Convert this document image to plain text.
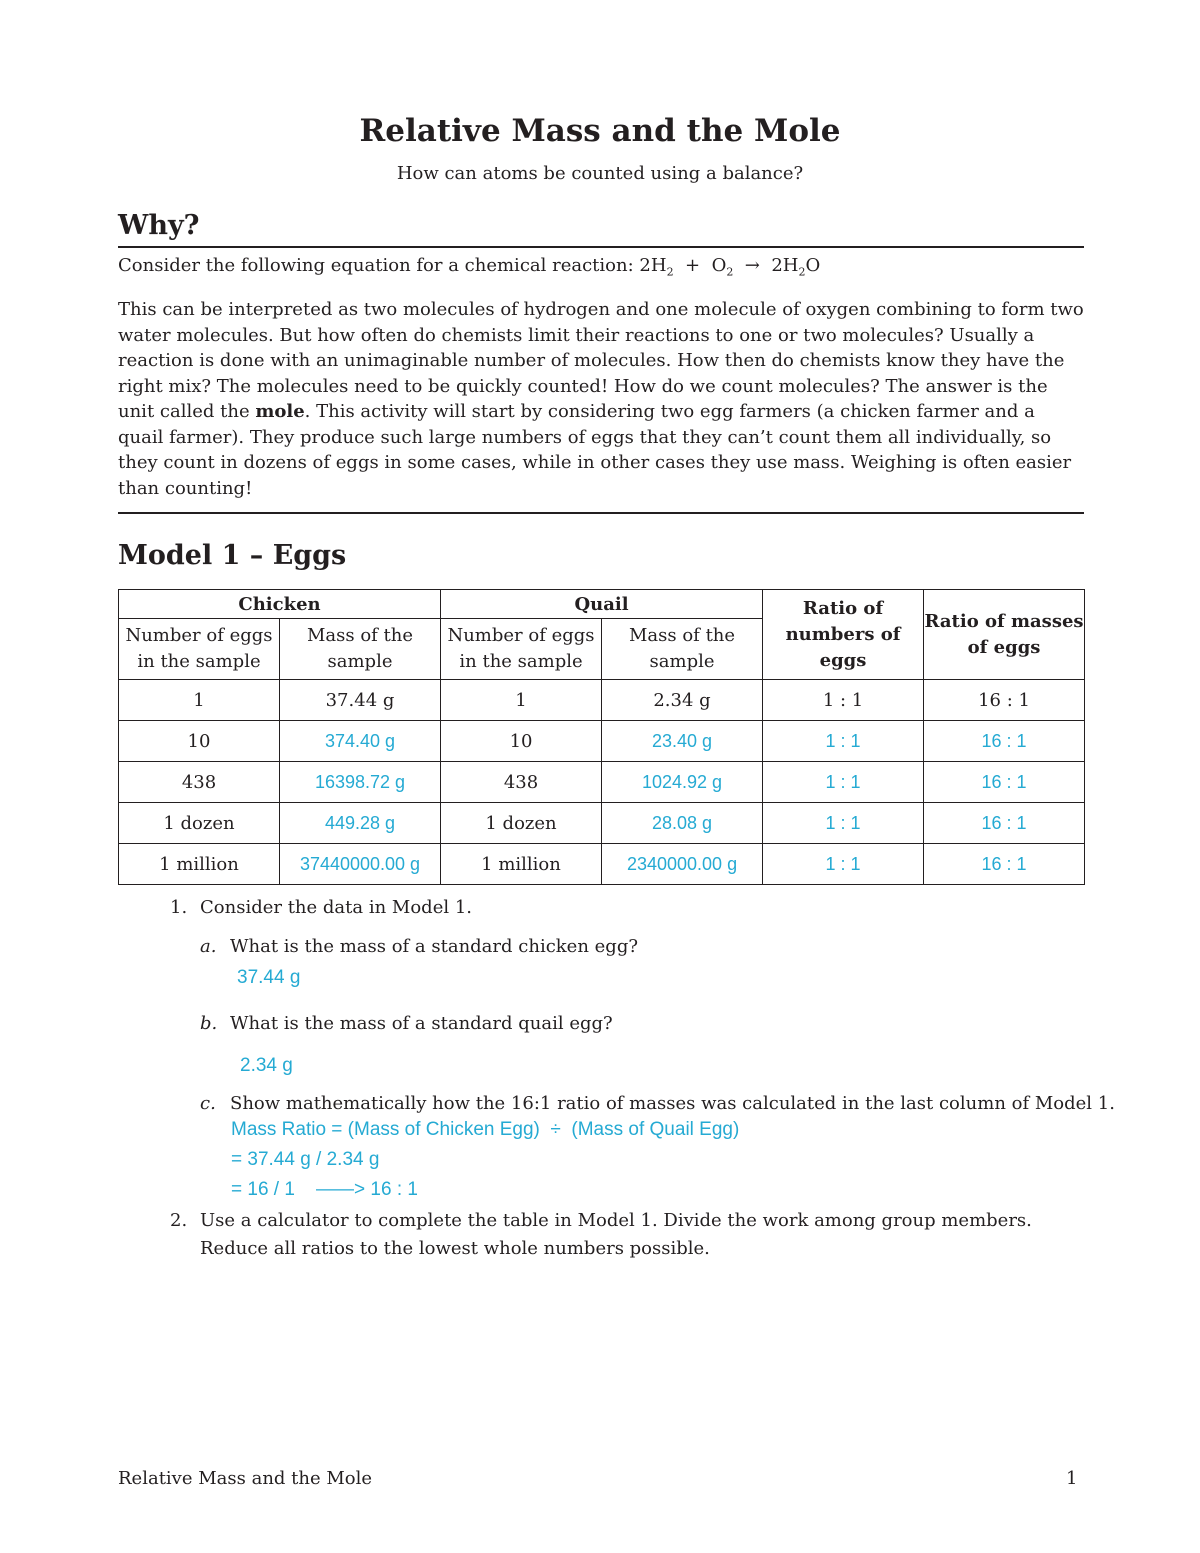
Relative Mass and the Mole
How can atoms be counted using a balance?
Why?
Consider the following equation for a chemical reaction: $2H_2 + O_2 \to 2H_2O$
This can be interpreted as two molecules of hydrogen and one molecule of oxygen combining to form two water molecules. But how often do chemists limit their reactions to one or two molecules? Usually a reaction is done with an unimaginable number of molecules. How then do chemists know they have the right mix? The molecules need to be quickly counted! How do we count molecules? The answer is the unit called the mole. This activity will start by considering two egg farmers (a chicken farmer and a quail farmer). They produce such large numbers of eggs that they can’t count them all individually, so they count in dozens of eggs in some cases, while in other cases they use mass. Weighing is often easier than counting!
Model 1 – Eggs
Chicken		Quail		Ratio of numbers of eggs	Ratio of masses of eggs
Number of eggs in the sample	Mass of the sample	Number of eggs in the sample	Mass of the sample		
1	37.44 g	1	2.34 g	1 : 1	16 : 1
10	374.40 g	10	23.40 g	1 : 1	16 : 1
438	16398.72 g	438	1024.92 g	1 : 1	16 : 1
1 dozen	449.28 g	1 dozen	28.08 g	1 : 1	16 : 1
1 million	37440000.00 g	1 million	2340000.00 g	1 : 1	16 : 1
1. Consider the data in Model 1.
a. What is the mass of a standard chicken egg?
37.44 g
b. What is the mass of a standard quail egg?
2.34 g
c. Show mathematically how the 16:1 ratio of masses was calculated in the last column of Model 1.
Mass Ratio = (Mass of Chicken Egg)  ÷  (Mass of Quail Egg)
= 37.44 g / 2.34 g
= 16 / 1    ——> 16 : 1
2. Use a calculator to complete the table in Model 1. Divide the work among group members.
Reduce all ratios to the lowest whole numbers possible.
Relative Mass and the Mole	1
